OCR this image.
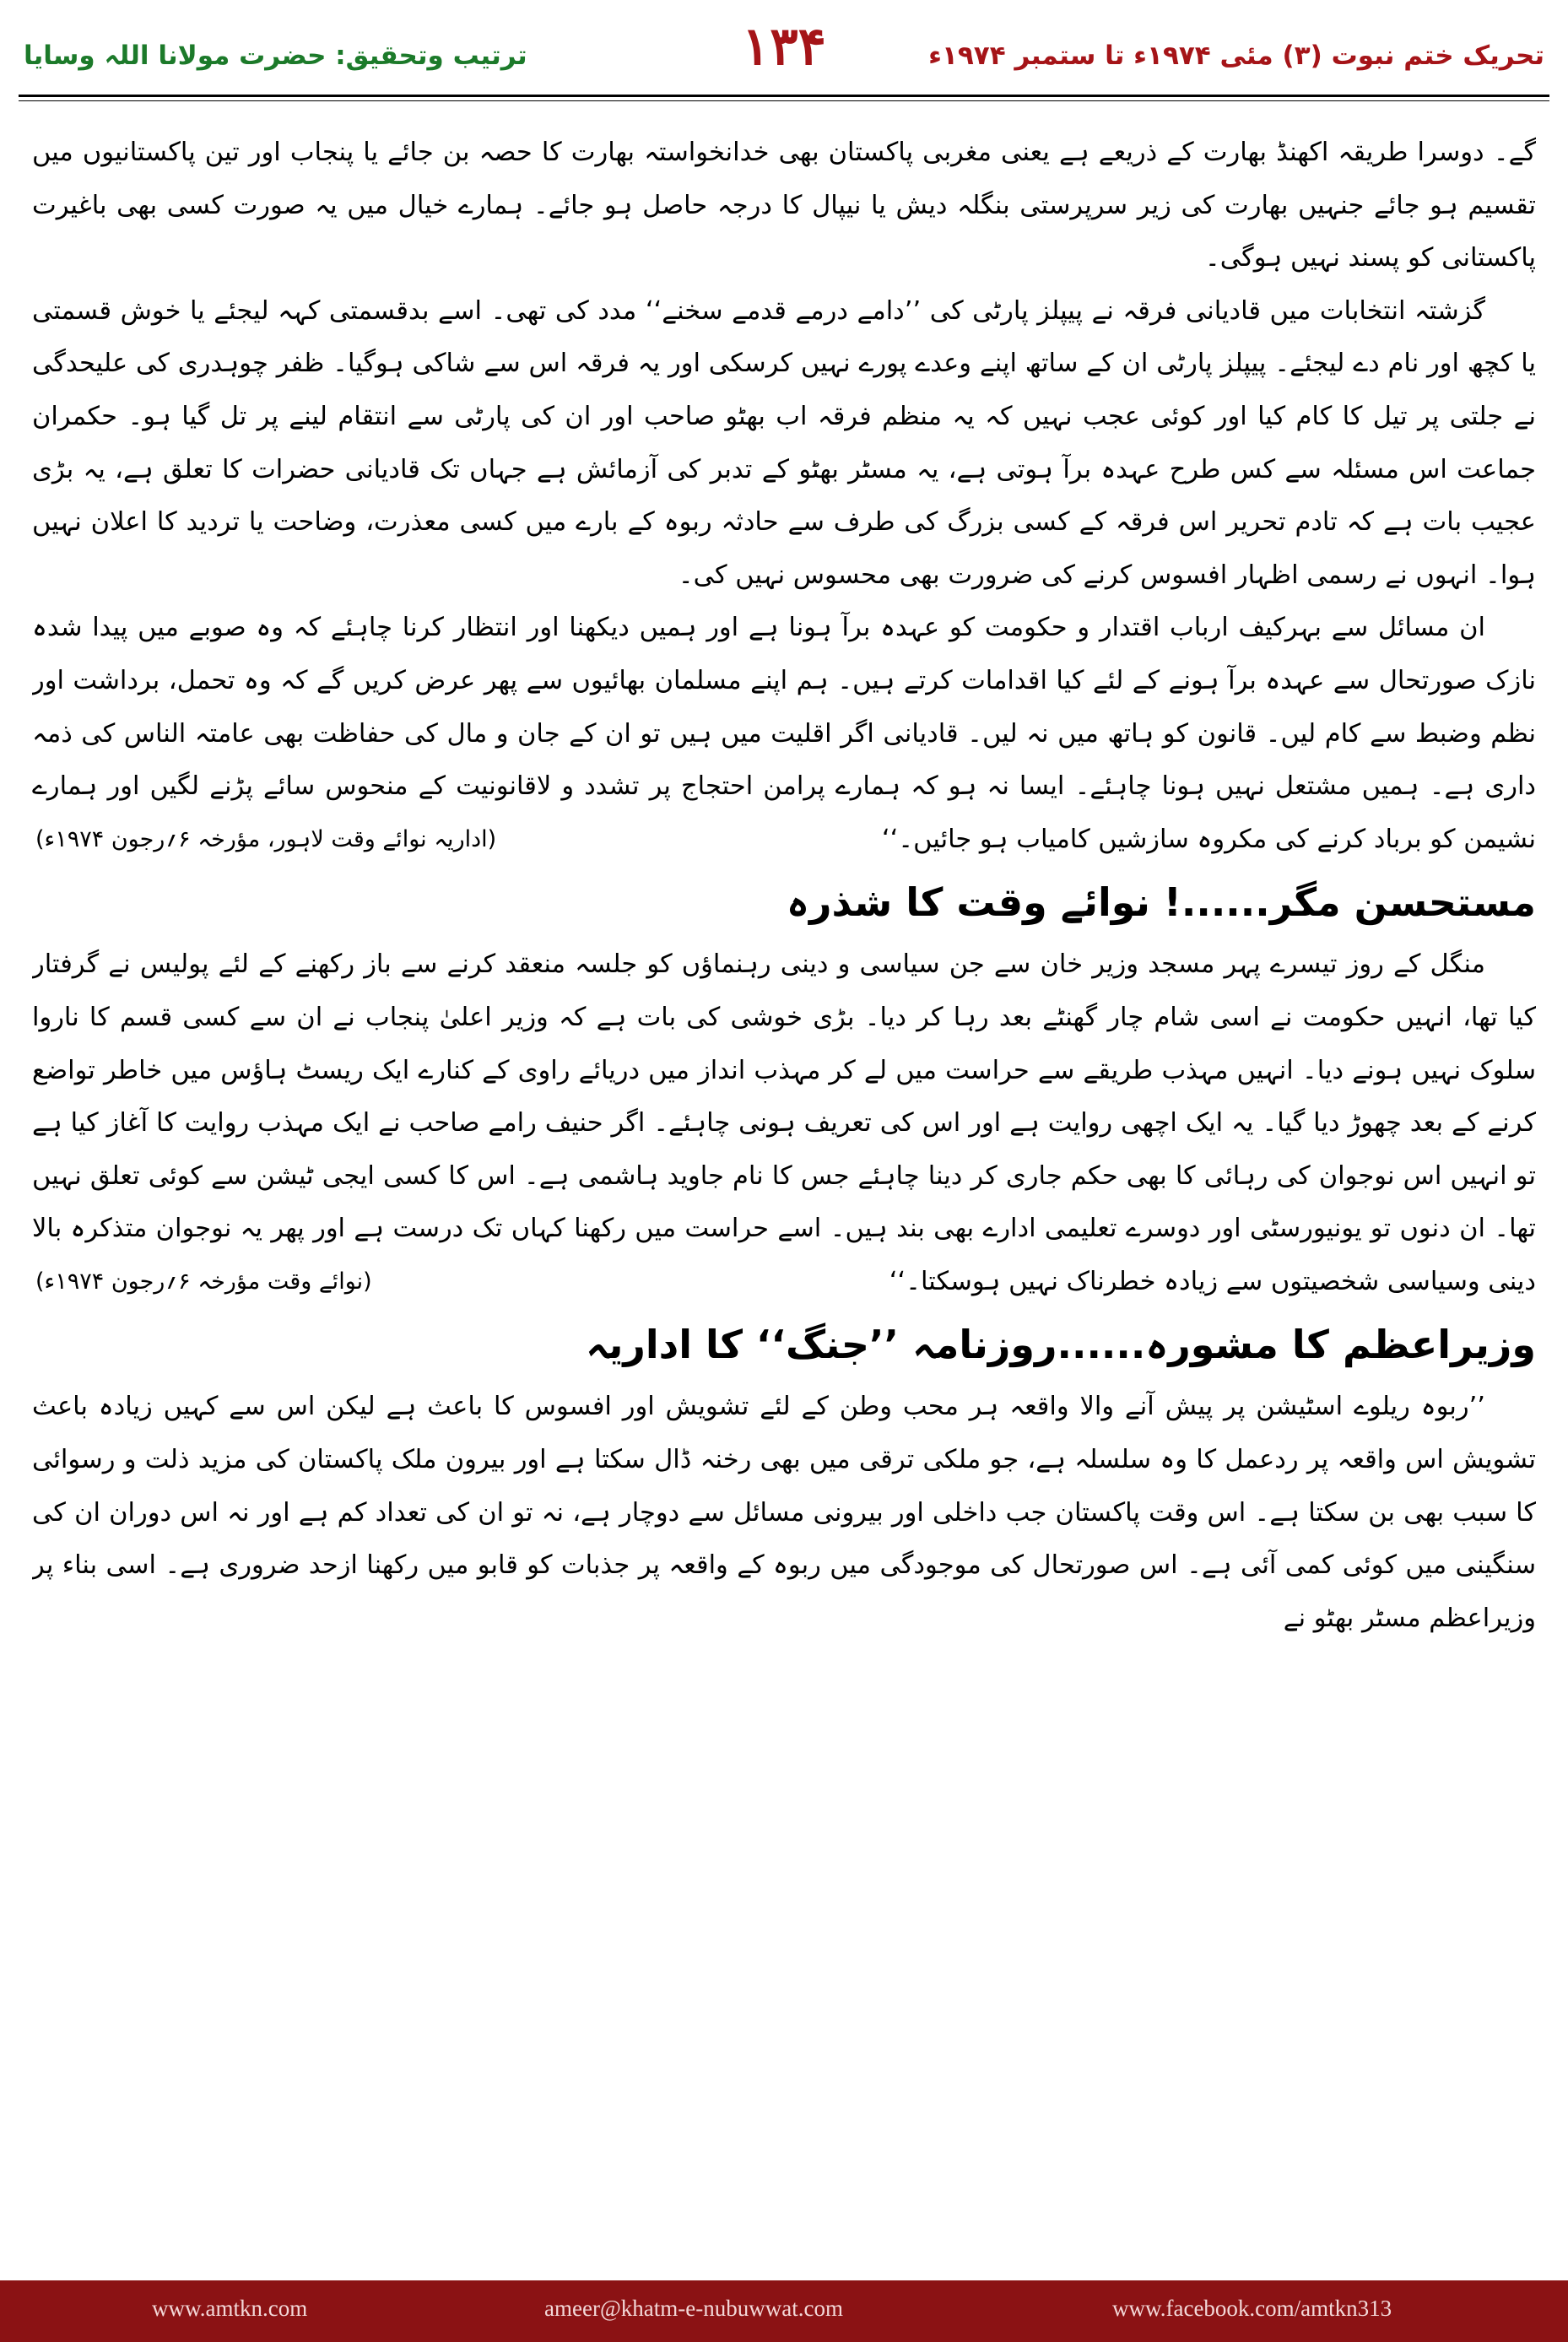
ترتیب وتحقیق: حضرت مولانا اللہ وسایا	۱۳۴	تحریک ختم نبوت (۳) مئی ۱۹۷۴ء تا ستمبر ۱۹۷۴ء

گے۔ دوسرا طریقہ اکھنڈ بھارت کے ذریعے ہے یعنی مغربی پاکستان بھی خدانخواستہ بھارت کا حصہ بن جائے یا پنجاب اور تین پاکستانیوں میں تقسیم ہو جائے جنہیں بھارت کی زیر سرپرستی بنگلہ دیش یا نیپال کا درجہ حاصل ہو جائے۔ ہمارے خیال میں یہ صورت کسی بھی باغیرت پاکستانی کو پسند نہیں ہوگی۔

گزشتہ انتخابات میں قادیانی فرقہ نے پیپلز پارٹی کی ’’دامے درمے قدمے سخنے‘‘ مدد کی تھی۔ اسے بدقسمتی کہہ لیجئے یا خوش قسمتی یا کچھ اور نام دے لیجئے۔ پیپلز پارٹی ان کے ساتھ اپنے وعدے پورے نہیں کرسکی اور یہ فرقہ اس سے شاکی ہوگیا۔ ظفر چوہدری کی علیحدگی نے جلتی پر تیل کا کام کیا اور کوئی عجب نہیں کہ یہ منظم فرقہ اب بھٹو صاحب اور ان کی پارٹی سے انتقام لینے پر تل گیا ہو۔ حکمران جماعت اس مسئلہ سے کس طرح عہدہ برآ ہوتی ہے، یہ مسٹر بھٹو کے تدبر کی آزمائش ہے جہاں تک قادیانی حضرات کا تعلق ہے، یہ بڑی عجیب بات ہے کہ تادم تحریر اس فرقہ کے کسی بزرگ کی طرف سے حادثہ ربوہ کے بارے میں کسی معذرت، وضاحت یا تردید کا اعلان نہیں ہوا۔ انہوں نے رسمی اظہار افسوس کرنے کی ضرورت بھی محسوس نہیں کی۔

ان مسائل سے بہرکیف ارباب اقتدار و حکومت کو عہدہ برآ ہونا ہے اور ہمیں دیکھنا اور انتظار کرنا چاہئے کہ وہ صوبے میں پیدا شدہ نازک صورتحال سے عہدہ برآ ہونے کے لئے کیا اقدامات کرتے ہیں۔ ہم اپنے مسلمان بھائیوں سے پھر عرض کریں گے کہ وہ تحمل، برداشت اور نظم وضبط سے کام لیں۔ قانون کو ہاتھ میں نہ لیں۔ قادیانی اگر اقلیت میں ہیں تو ان کے جان و مال کی حفاظت بھی عامتہ الناس کی ذمہ داری ہے۔ ہمیں مشتعل نہیں ہونا چاہئے۔ ایسا نہ ہو کہ ہمارے پرامن احتجاج پر تشدد و لاقانونیت کے منحوس سائے پڑنے لگیں اور ہمارے نشیمن کو برباد کرنے کی مکروہ سازشیں کامیاب ہو جائیں۔‘‘
(اداریہ نوائے وقت لاہور، مؤرخہ ۶؍رجون ۱۹۷۴ء)

مستحسن مگر......! نوائے وقت کا شذرہ

منگل کے روز تیسرے پہر مسجد وزیر خان سے جن سیاسی و دینی رہنماؤں کو جلسہ منعقد کرنے سے باز رکھنے کے لئے پولیس نے گرفتار کیا تھا، انہیں حکومت نے اسی شام چار گھنٹے بعد رہا کر دیا۔ بڑی خوشی کی بات ہے کہ وزیر اعلیٰ پنجاب نے ان سے کسی قسم کا ناروا سلوک نہیں ہونے دیا۔ انہیں مہذب طریقے سے حراست میں لے کر مہذب انداز میں دریائے راوی کے کنارے ایک ریسٹ ہاؤس میں خاطر تواضع کرنے کے بعد چھوڑ دیا گیا۔ یہ ایک اچھی روایت ہے اور اس کی تعریف ہونی چاہئے۔ اگر حنیف رامے صاحب نے ایک مہذب روایت کا آغاز کیا ہے تو انہیں اس نوجوان کی رہائی کا بھی حکم جاری کر دینا چاہئے جس کا نام جاوید ہاشمی ہے۔ اس کا کسی ایجی ٹیشن سے کوئی تعلق نہیں تھا۔ ان دنوں تو یونیورسٹی اور دوسرے تعلیمی ادارے بھی بند ہیں۔ اسے حراست میں رکھنا کہاں تک درست ہے اور پھر یہ نوجوان متذکرہ بالا دینی وسیاسی شخصیتوں سے زیادہ خطرناک نہیں ہوسکتا۔‘‘
(نوائے وقت مؤرخہ ۶؍رجون ۱۹۷۴ء)

وزیراعظم کا مشورہ......روزنامہ ’’جنگ‘‘ کا اداریہ

’’ربوہ ریلوے اسٹیشن پر پیش آنے والا واقعہ ہر محب وطن کے لئے تشویش اور افسوس کا باعث ہے لیکن اس سے کہیں زیادہ باعث تشویش اس واقعہ پر ردعمل کا وہ سلسلہ ہے، جو ملکی ترقی میں بھی رخنہ ڈال سکتا ہے اور بیرون ملک پاکستان کی مزید ذلت و رسوائی کا سبب بھی بن سکتا ہے۔ اس وقت پاکستان جب داخلی اور بیرونی مسائل سے دوچار ہے، نہ تو ان کی تعداد کم ہے اور نہ اس دوران ان کی سنگینی میں کوئی کمی آئی ہے۔ اس صورتحال کی موجودگی میں ربوہ کے واقعہ پر جذبات کو قابو میں رکھنا ازحد ضروری ہے۔ اسی بناء پر وزیراعظم مسٹر بھٹو نے

www.amtkn.com	ameer@khatm-e-nubuwwat.com	www.facebook.com/amtkn313
